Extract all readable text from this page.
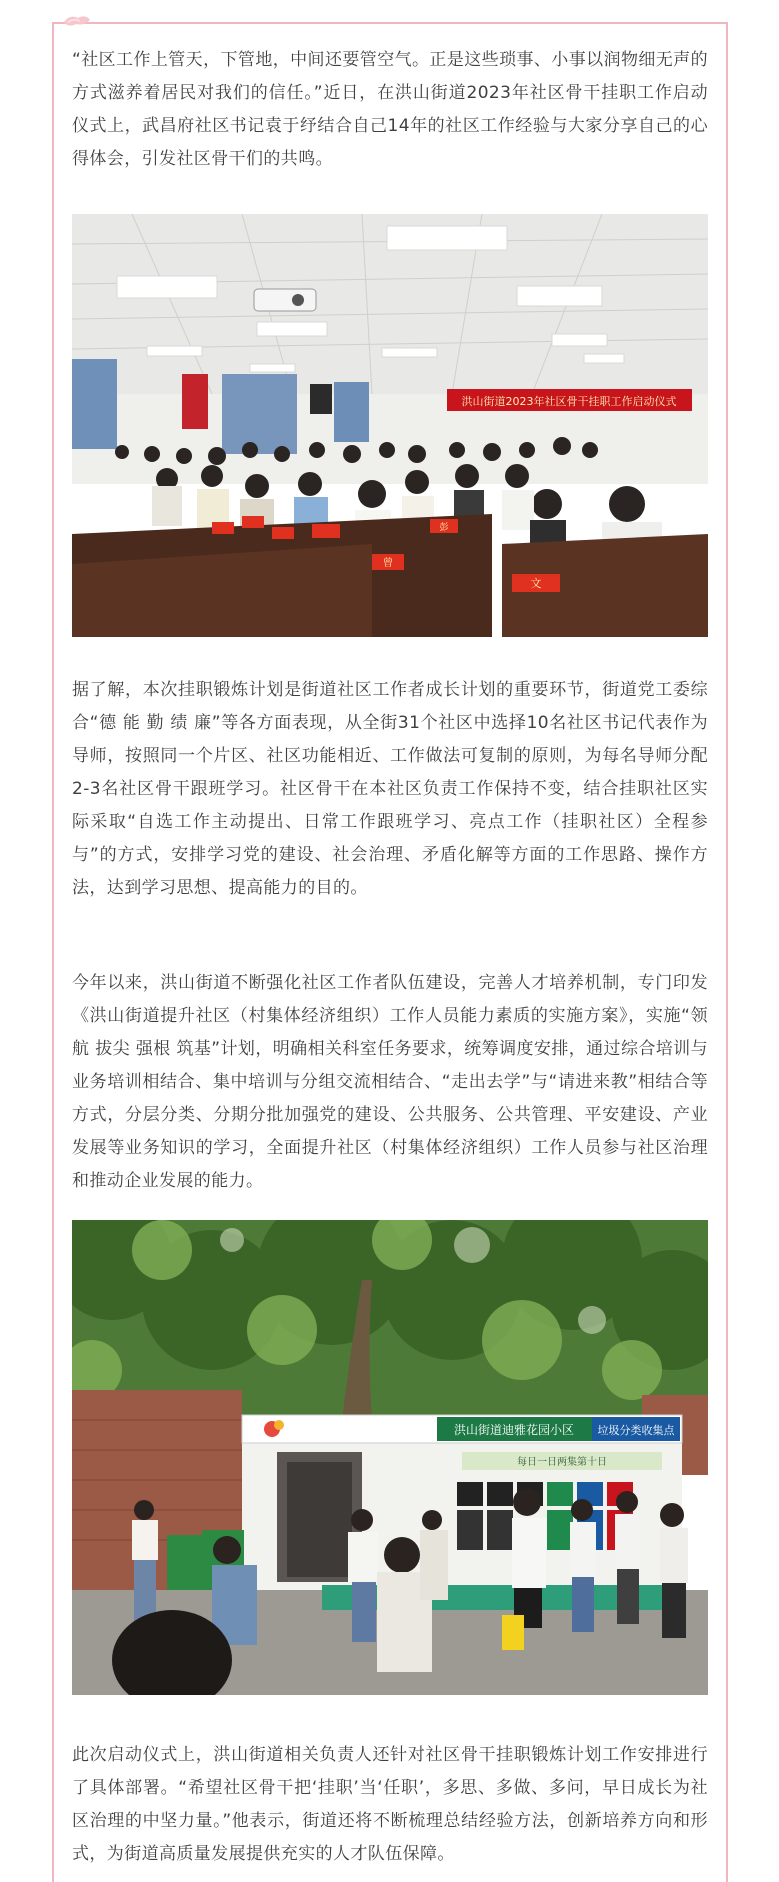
“社区工作上管天，下管地，中间还要管空气。正是这些琐事、小事以润物细无声的方式滋养着居民对我们的信任。”近日，在洪山街道2023年社区骨干挂职工作启动仪式上，武昌府社区书记袁于纾结合自己14年的社区工作经验与大家分享自己的心得体会，引发社区骨干们的共鸣。

洪山街道2023年社区骨干挂职工作启动仪式
曾
彭
文

据了解，本次挂职锻炼计划是街道社区工作者成长计划的重要环节，街道党工委综合“德 能 勤 绩 廉”等各方面表现，从全街31个社区中选择10名社区书记代表作为导师，按照同一个片区、社区功能相近、工作做法可复制的原则，为每名导师分配2-3名社区骨干跟班学习。社区骨干在本社区负责工作保持不变，结合挂职社区实际采取“自选工作主动提出、日常工作跟班学习、亮点工作（挂职社区）全程参与”的方式，安排学习党的建设、社会治理、矛盾化解等方面的工作思路、操作方法，达到学习思想、提高能力的目的。

今年以来，洪山街道不断强化社区工作者队伍建设，完善人才培养机制，专门印发《洪山街道提升社区（村集体经济组织）工作人员能力素质的实施方案》，实施“领航 拔尖 强根 筑基”计划，明确相关科室任务要求，统筹调度安排，通过综合培训与业务培训相结合、集中培训与分组交流相结合、“走出去学”与“请进来教”相结合等方式，分层分类、分期分批加强党的建设、公共服务、公共管理、平安建设、产业发展等业务知识的学习，全面提升社区（村集体经济组织）工作人员参与社区治理和推动企业发展的能力。

洪山街道迪雅花园小区 垃圾分类收集点
每日一日两集第十日

此次启动仪式上，洪山街道相关负责人还针对社区骨干挂职锻炼计划工作安排进行了具体部署。“希望社区骨干把‘挂职’当‘任职’，多思、多做、多问，早日成长为社区治理的中坚力量。”他表示，街道还将不断梳理总结经验方法，创新培养方向和形式，为街道高质量发展提供充实的人才队伍保障。
